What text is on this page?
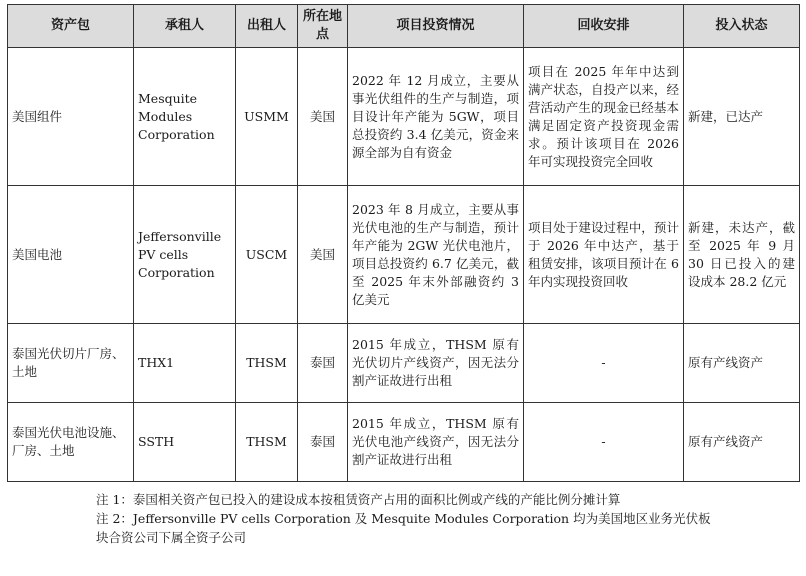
资产包	承租人	出租人	所在地点	项目投资情况	回收安排	投入状态
美国组件	Mesquite Modules Corporation	USMM	美国	2022 年 12 月成立，主要从事光伏组件的生产与制造，项目设计年产能为 5GW，项目总投资约 3.4 亿美元，资金来源全部为自有资金	项目在 2025 年年中达到满产状态，自投产以来，经营活动产生的现金已经基本满足固定资产投资现金需求。预计该项目在 2026 年可实现投资完全回收	新建，已达产
美国电池	Jeffersonville PV cells Corporation	USCM	美国	2023 年 8 月成立，主要从事光伏电池的生产与制造，预计年产能为 2GW 光伏电池片，项目总投资约 6.7 亿美元，截至 2025 年末外部融资约 3 亿美元	项目处于建设过程中，预计于 2026 年中达产，基于租赁安排，该项目预计在 6 年内实现投资回收	新建，未达产，截至 2025 年 9 月 30 日已投入的建设成本 28.2 亿元
泰国光伏切片厂房、土地	THX1	THSM	泰国	2015 年成立，THSM 原有光伏切片产线资产，因无法分割产证故进行出租	-	原有产线资产
泰国光伏电池设施、厂房、土地	SSTH	THSM	泰国	2015 年成立，THSM 原有光伏电池产线资产，因无法分割产证故进行出租	-	原有产线资产

注 1：泰国相关资产包已投入的建设成本按租赁资产占用的面积比例或产线的产能比例分摊计算

注 2：Jeffersonville PV cells Corporation 及 Mesquite Modules Corporation 均为美国地区业务光伏板块合资公司下属全资子公司
